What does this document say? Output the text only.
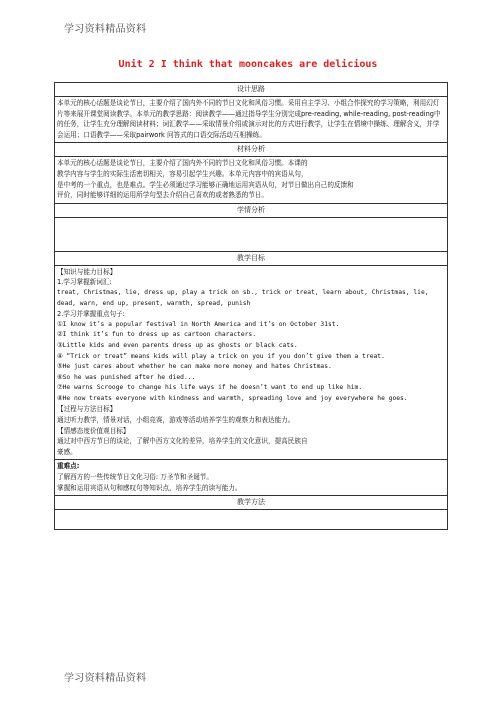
学习资料精品资料
Unit 2 I think that mooncakes are delicious
设计思路
本单元的核心话题是谈论节日，主要介绍了国内外不同的节日文化和风俗习惯。采用自主学习、小组合作探究的学习策略，利用幻灯片等来展开课堂阅读教学。本单元的教学思路：阅读教学——通过指导学生分别完成pre-reading, while-reading, post-reading中的任务，让学生充分理解阅读材料；词汇教学——采取情景介绍或演示对比的方式进行教学，让学生在情境中操练、理解含义，并学会运用；口语教学——采取pairwork 问答式的口语交际活动互相操练。
材料分析
本单元的核心话题是谈论节日，主要介绍了国内外不同的节日文化和风俗习惯。本课的
教学内容与学生的实际生活密切相关，容易引起学生兴趣。本单元内容中的宾语从句，
是中考的一个重点，也是难点。学生必须通过学习能够正确地运用宾语从句，对节日做出自己的反馈和
评价，同时能够详细的运用所学句型去介绍自己喜欢的或者熟悉的节日。
学情分析
教学目标
【知识与能力目标】
1.学习掌握新词汇:
treat, Christmas, lie, dress up, play a trick on sb., trick or treat, learn about, Christmas, lie, dead, warn, end up, present, warmth, spread, punish
2.学习并掌握重点句子:
①I know it’s a popular festival in North America and it’s on October 31st.
②I think it’s fun to dress up as cartoon characters.
③Little kids and even parents dress up as ghosts or black cats.
④ “Trick or treat” means kids will play a trick on you if you don’t give them a treat.
⑤He just cares about whether he can make more money and hates Christmas.
⑥So he was punished after he died...
⑦He warns Scrooge to change his life ways if he doesn’t want to end up like him.
⑧He now treats everyone with kindness and warmth, spreading love and joy everywhere he goes.
【过程与方法目标】
通过听力教学，情景对话，小组竞赛，游戏等活动培养学生的观察力和表达能力。
【情感态度价值观目标】
通过对中西方节日的谈论，了解中西方文化的差异，培养学生的文化意识，提高民族自
豪感。
重难点:
了解西方的一些传统节日文化习俗: 万圣节和圣诞节。
掌握和运用宾语从句和感叹句等知识点，培养学生的读写能力。
教学方法
学习资料精品资料
